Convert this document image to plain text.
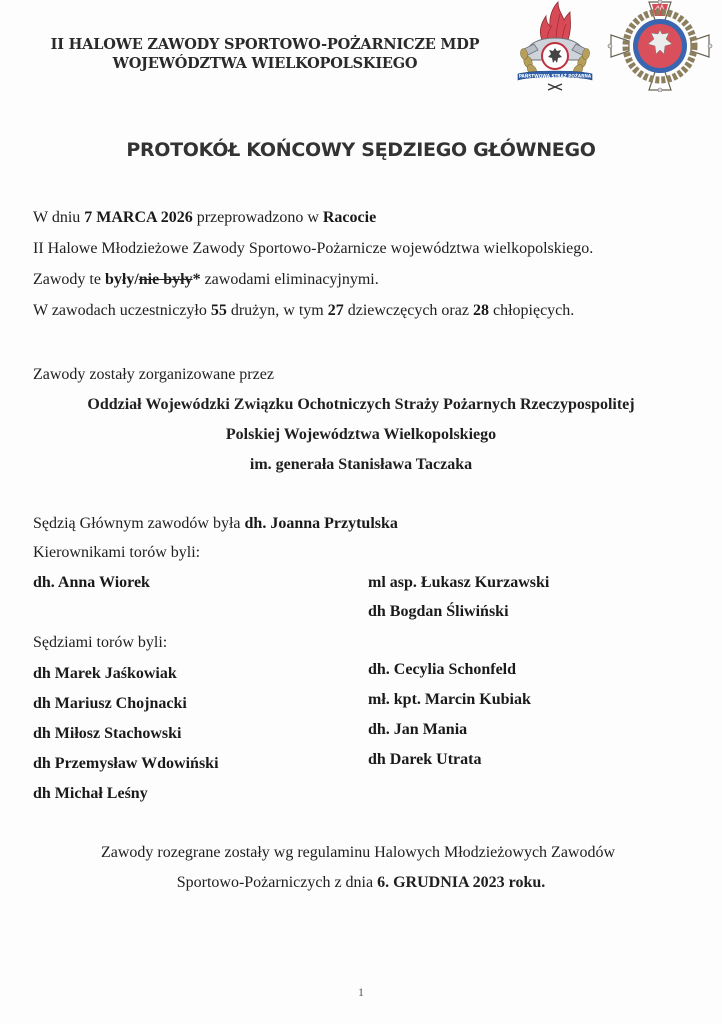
II HALOWE ZAWODY SPORTOWO-POŻARNICZE MDP
WOJEWÓDZTWA WIELKOPOLSKIEGO
PAŃSTWOWA STRAŻ POŻARNA
PROTOKÓŁ KOŃCOWY SĘDZIEGO GŁÓWNEGO
W dniu 7 MARCA 2026 przeprowadzono w Racocie
II Halowe Młodzieżowe Zawody Sportowo-Pożarnicze województwa wielkopolskiego.
Zawody te były/nie były* zawodami eliminacyjnymi.
W zawodach uczestniczyło 55 drużyn, w tym 27 dziewczęcych oraz 28 chłopięcych.
Zawody zostały zorganizowane przez
Oddział Wojewódzki Związku Ochotniczych Straży Pożarnych Rzeczypospolitej
Polskiej Województwa Wielkopolskiego
im. generała Stanisława Taczaka
Sędzią Głównym zawodów była dh. Joanna Przytulska
Kierownikami torów byli:
dh. Anna Wiorek	ml asp. Łukasz Kurzawski
dh Bogdan Śliwiński
Sędziami torów byli:
dh Marek Jaśkowiak
dh Mariusz Chojnacki
dh Miłosz Stachowski
dh Przemysław Wdowiński
dh Michał Leśny
dh. Cecylia Schonfeld
mł. kpt. Marcin Kubiak
dh. Jan Mania
dh Darek Utrata
Zawody rozegrane zostały wg regulaminu Halowych Młodzieżowych Zawodów
Sportowo-Pożarniczych z dnia 6. GRUDNIA 2023 roku.
1
